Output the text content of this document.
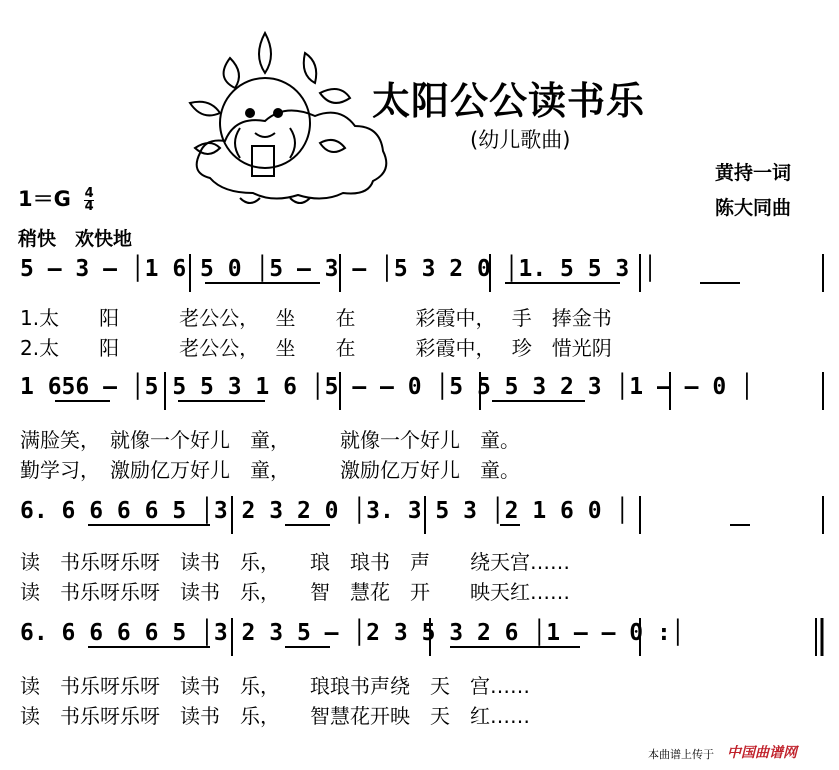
太阳公公读书乐
(幼儿歌曲)
黄持一词
陈大同曲
$1=G \frac{4}{4}$
稍快　欢快地
5 – 3 – │1 6 5 0 │5 – 3 – │5 3 2 0 │1. 5 5 3 │
1.太　　阳　　　老公公，　 坐　　在　　　彩霞中，　 手　捧金书
2.太　　阳　　　老公公，　 坐　　在　　　彩霞中，　 珍　惜光阴
1 656 – │5 5 5 3 1 6 │5 – – 0 │5 5 5 3 2 3 │1 – – 0 │
满脸笑，　就像一个好儿　童，　　　就像一个好儿　童。
勤学习，　激励亿万好儿　童，　　　激励亿万好儿　童。
6. 6 6 6 6 5 │3 2 3 2 0 │3. 3 5 3 │2 1 6 0 │
读　书乐呀乐呀　读书　乐，　　琅　琅书　声　　绕天宫……
读　书乐呀乐呀　读书　乐，　　智　慧花　开　　映天红……
6. 6 6 6 6 5 │3 2 3 5 – │2 3 5 3 2 6 │1 – – 0 :│
读　书乐呀乐呀　读书　乐，　　琅琅书声绕　天　宫……
读　书乐呀乐呀　读书　乐，　　智慧花开映　天　红……
本曲谱上传于 中国曲谱网
